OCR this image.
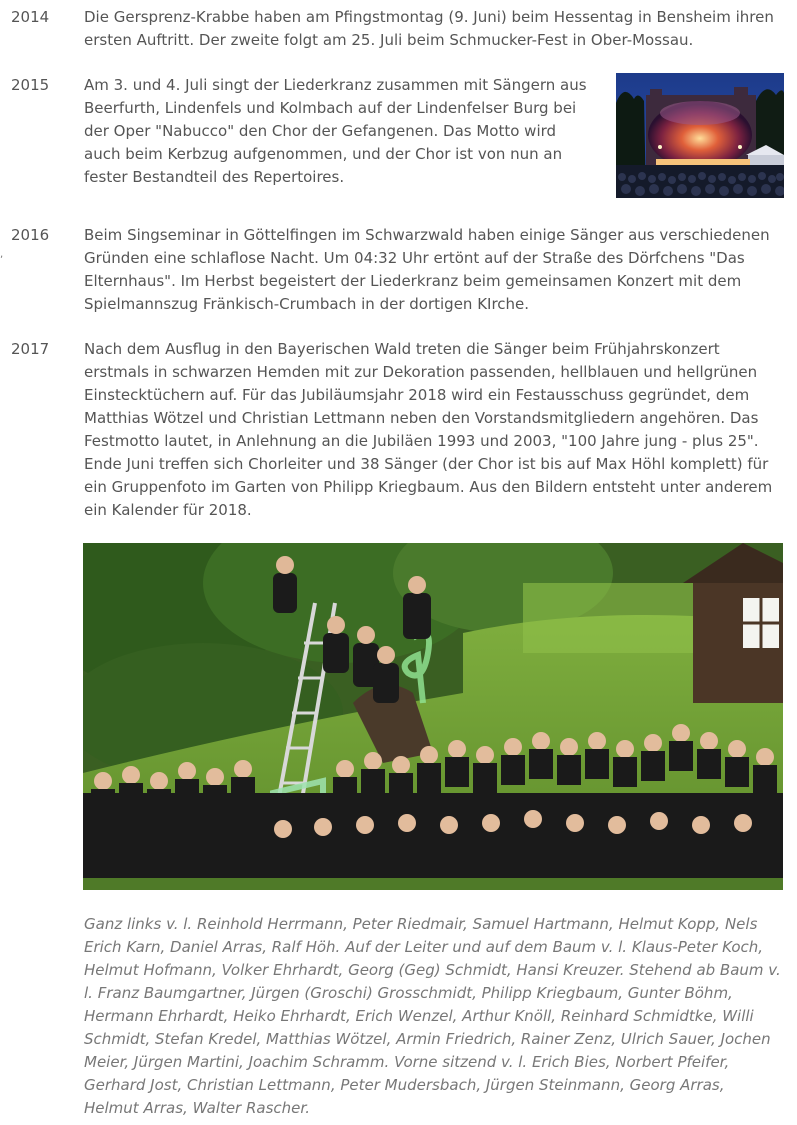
,
2014 Die Gersprenz-Krabbe haben am Pfingstmontag (9. Juni) beim Hessentag in Bensheim ihren
ersten Auftritt. Der zweite folgt am 25. Juli beim Schmucker-Fest in Ober-Mossau.
2015 Am 3. und 4. Juli singt der Liederkranz zusammen mit Sängern aus
Beerfurth, Lindenfels und Kolmbach auf der Lindenfelser Burg bei
der Oper "Nabucco" den Chor der Gefangenen. Das Motto wird
auch beim Kerbzug aufgenommen, und der Chor ist von nun an
fester Bestandteil des Repertoires.
2016 Beim Singseminar in Göttelfingen im Schwarzwald haben einige Sänger aus verschiedenen
Gründen eine schlaflose Nacht. Um 04:32 Uhr ertönt auf der Straße des Dörfchens "Das
Elternhaus". Im Herbst begeistert der Liederkranz beim gemeinsamen Konzert mit dem
Spielmannszug Fränkisch-Crumbach in der dortigen KIrche.
2017 Nach dem Ausflug in den Bayerischen Wald treten die Sänger beim Frühjahrskonzert
erstmals in schwarzen Hemden mit zur Dekoration passenden, hellblauen und hellgrünen
Einstecktüchern auf. Für das Jubiläumsjahr 2018 wird ein Festausschuss gegründet, dem
Matthias Wötzel und Christian Lettmann neben den Vorstandsmitgliedern angehören. Das
Festmotto lautet, in Anlehnung an die Jubiläen 1993 und 2003, "100 Jahre jung - plus 25".
Ende Juni treffen sich Chorleiter und 38 Sänger (der Chor ist bis auf Max Höhl komplett) für
ein Gruppenfoto im Garten von Philipp Kriegbaum. Aus den Bildern entsteht unter anderem
ein Kalender für 2018.
Ganz links v. l. Reinhold Herrmann, Peter Riedmair, Samuel Hartmann, Helmut Kopp, Nels
Erich Karn, Daniel Arras, Ralf Höh. Auf der Leiter und auf dem Baum v. l. Klaus-Peter Koch,
Helmut Hofmann, Volker Ehrhardt, Georg (Geg) Schmidt, Hansi Kreuzer. Stehend ab Baum v.
l. Franz Baumgartner, Jürgen (Groschi) Grosschmidt, Philipp Kriegbaum, Gunter Böhm,
Hermann Ehrhardt, Heiko Ehrhardt, Erich Wenzel, Arthur Knöll, Reinhard Schmidtke, Willi
Schmidt, Stefan Kredel, Matthias Wötzel, Armin Friedrich, Rainer Zenz, Ulrich Sauer, Jochen
Meier, Jürgen Martini, Joachim Schramm. Vorne sitzend v. l. Erich Bies, Norbert Pfeifer,
Gerhard Jost, Christian Lettmann, Peter Mudersbach, Jürgen Steinmann, Georg Arras,
Helmut Arras, Walter Rascher.
